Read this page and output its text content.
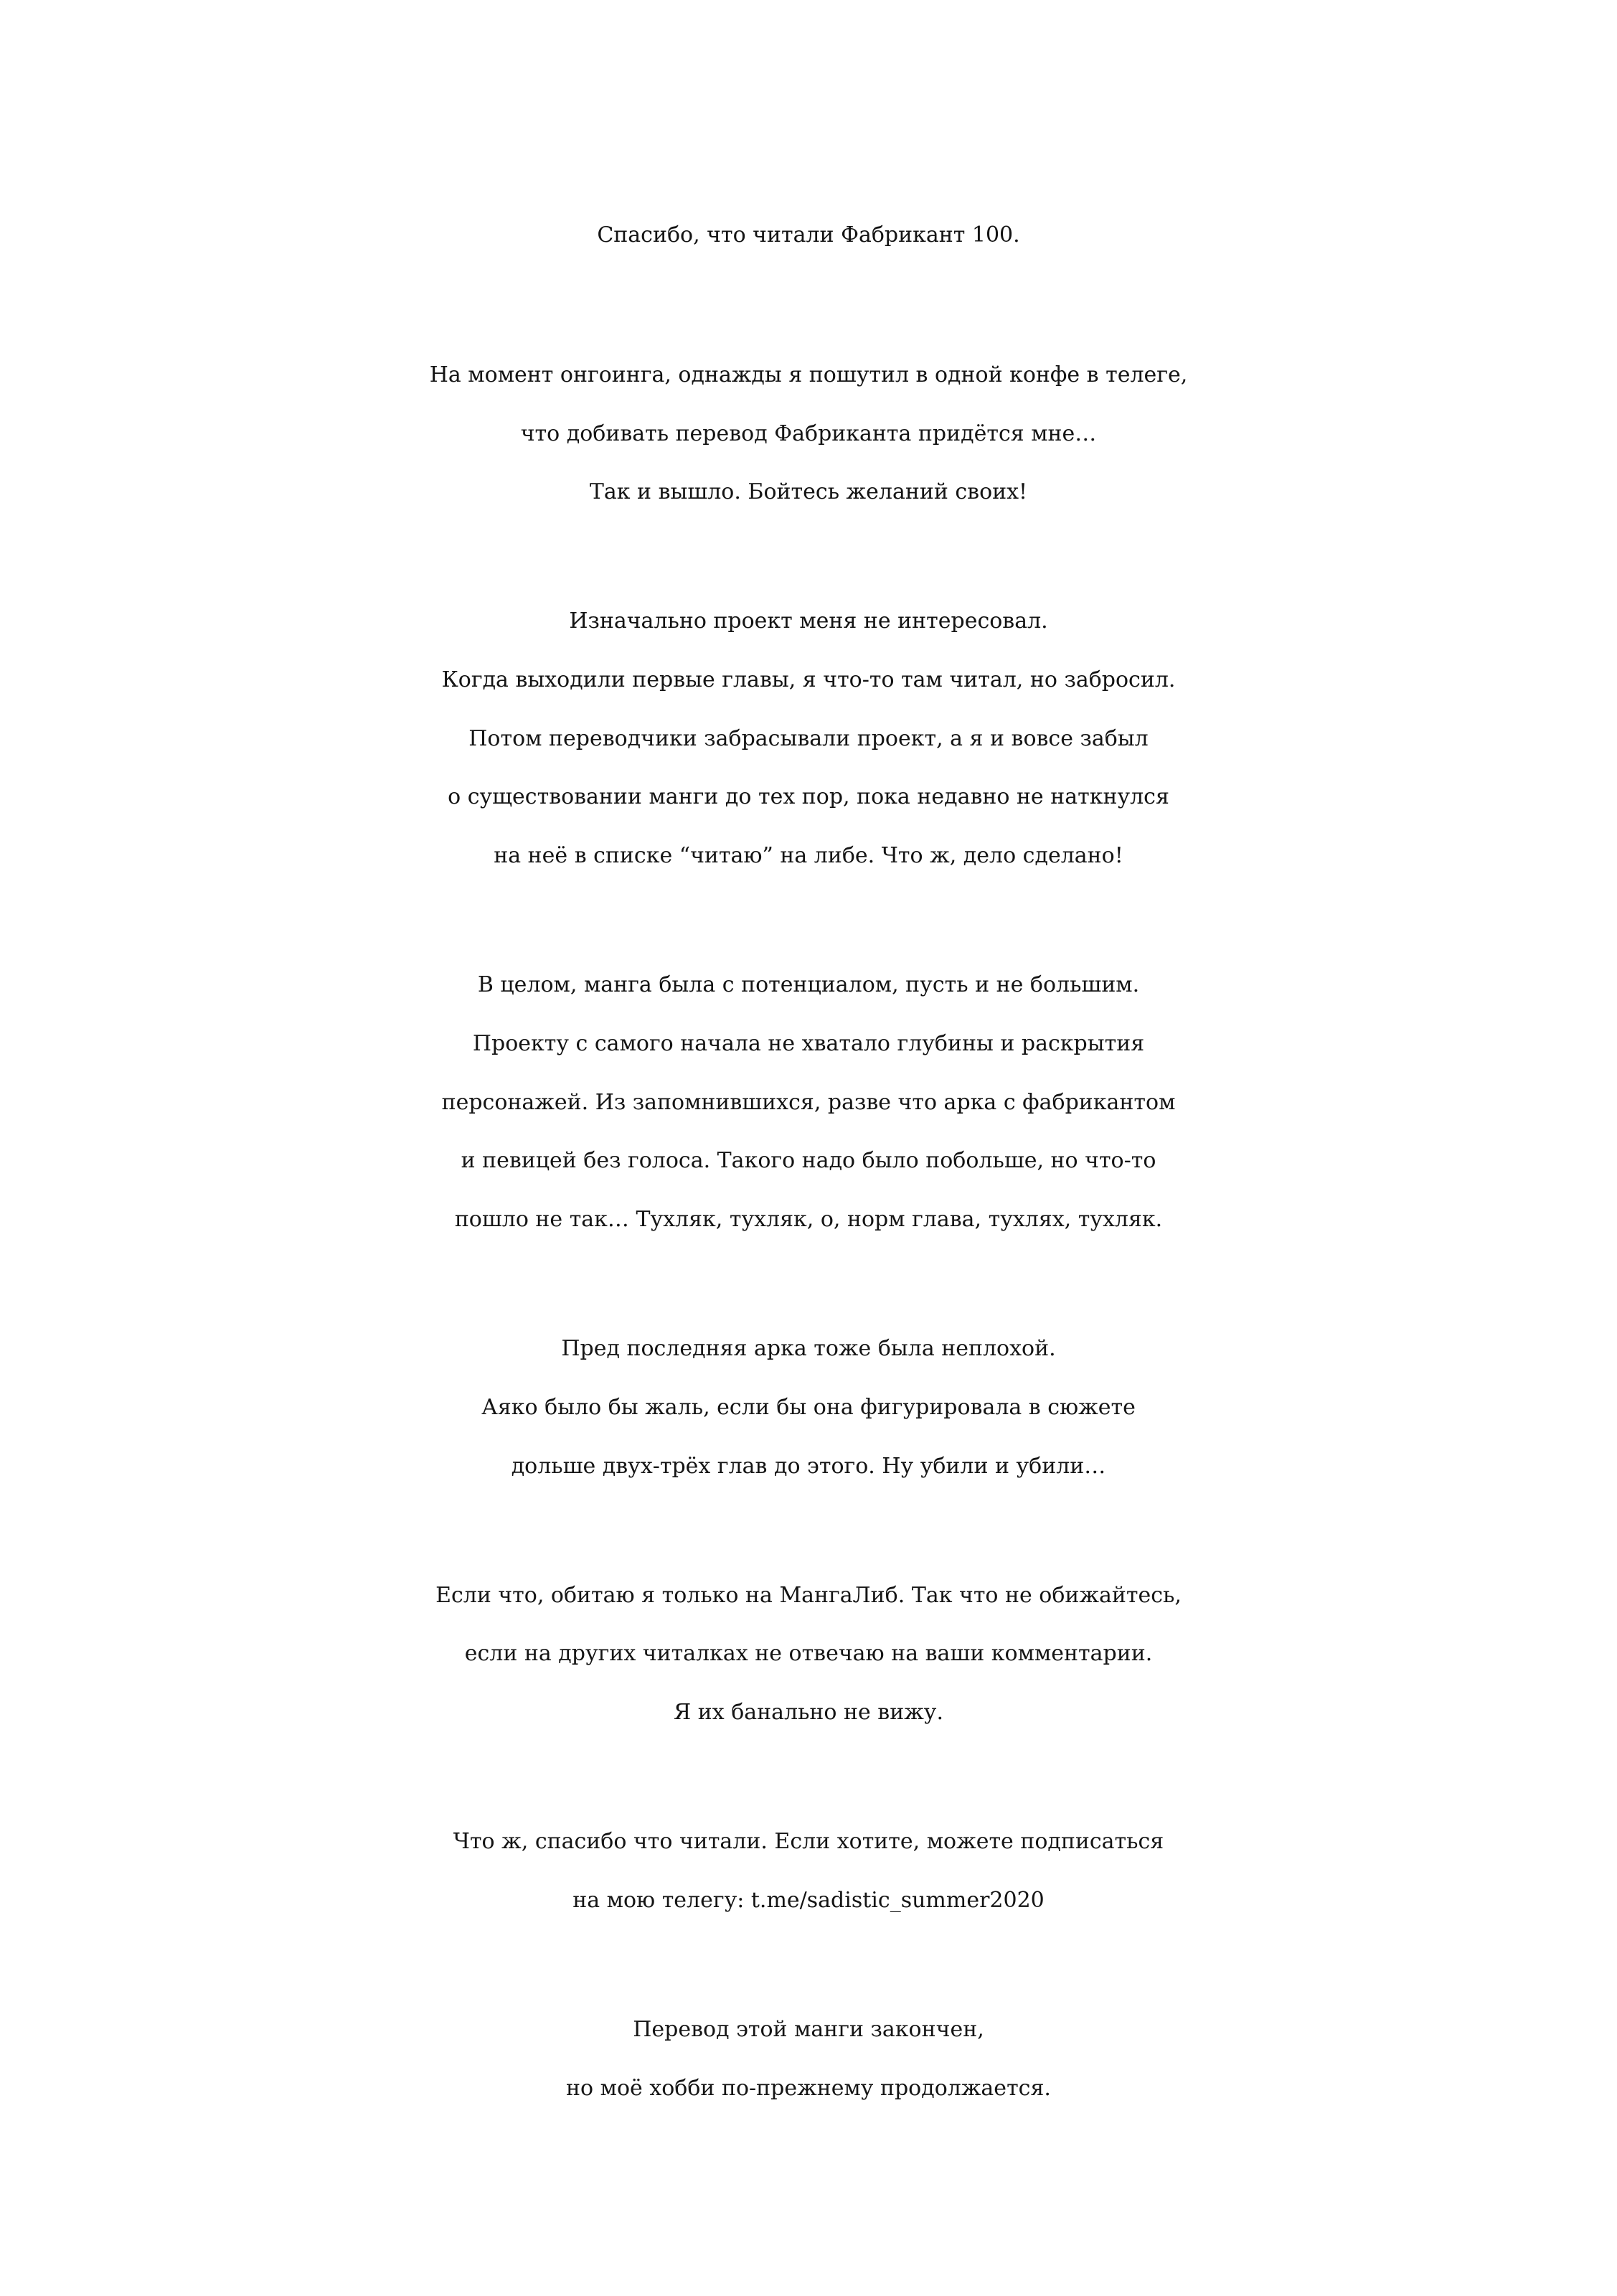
Спасибо, что читали Фабрикант 100.
На момент онгоинга, однажды я пошутил в одной конфе в телеге,
что добивать перевод Фабриканта придётся мне…
Так и вышло. Бойтесь желаний своих!
Изначально проект меня не интересовал.
Когда выходили первые главы, я что-то там читал, но забросил.
Потом переводчики забрасывали проект, а я и вовсе забыл
о существовании манги до тех пор, пока недавно не наткнулся
на неё в списке “читаю” на либе. Что ж, дело сделано!
В целом, манга была с потенциалом, пусть и не большим.
Проекту с самого начала не хватало глубины и раскрытия
персонажей. Из запомнившихся, разве что арка с фабрикантом
и певицей без голоса. Такого надо было побольше, но что-то
пошло не так… Тухляк, тухляк, о, норм глава, тухлях, тухляк.
Пред последняя арка тоже была неплохой.
Аяко было бы жаль, если бы она фигурировала в сюжете
дольше двух-трёх глав до этого. Ну убили и убили…
Если что, обитаю я только на МангаЛиб. Так что не обижайтесь,
если на других читалках не отвечаю на ваши комментарии.
Я их банально не вижу.
Что ж, спасибо что читали. Если хотите, можете подписаться
на мою телегу: t.me/sadistic_summer2020
Перевод этой манги закончен,
но моё хобби по-прежнему продолжается.
